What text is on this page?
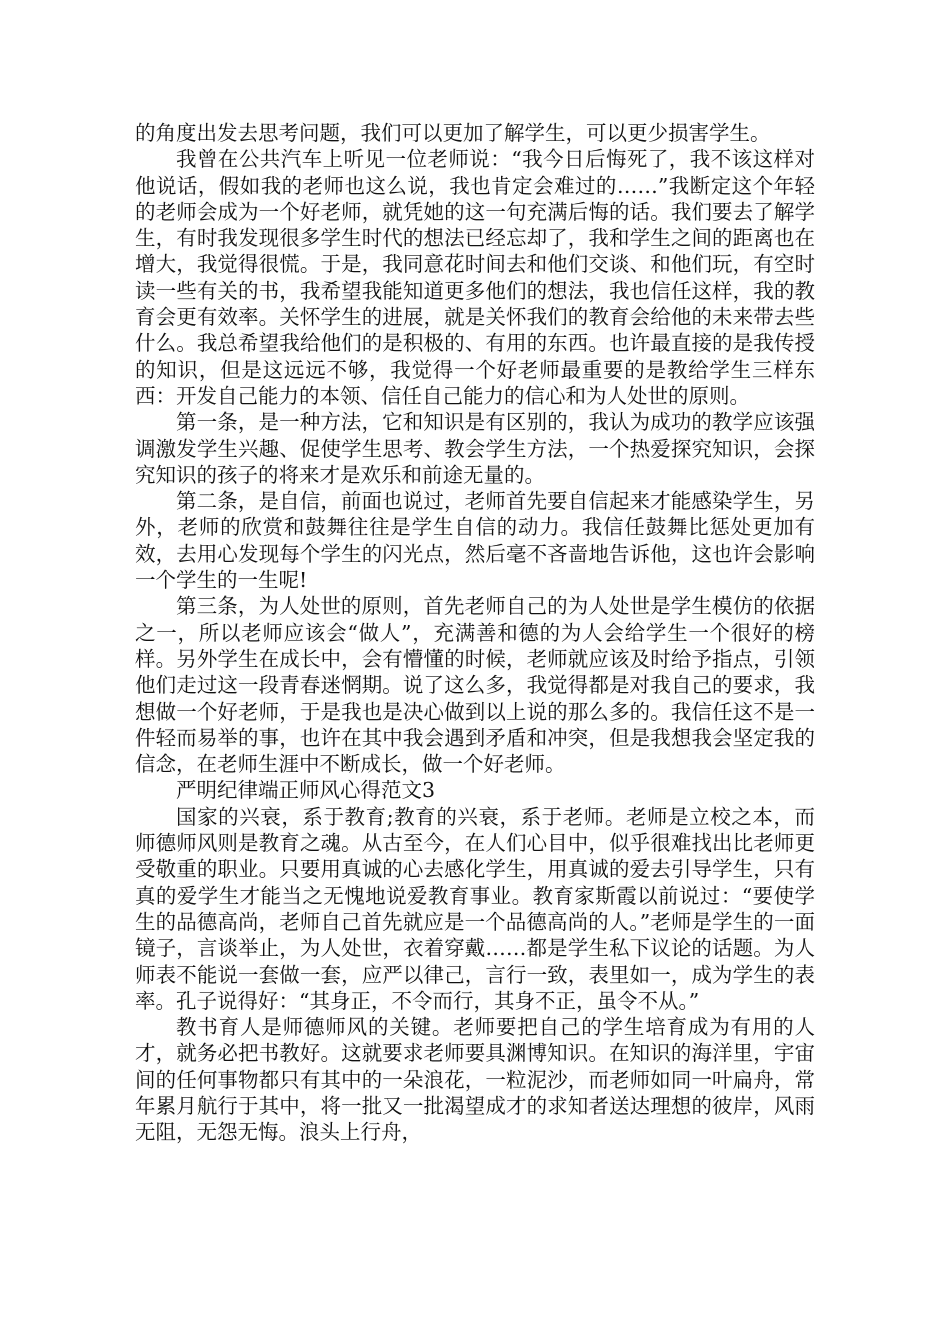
的角度出发去思考问题，我们可以更加了解学生，可以更少损害学生。

我曾在公共汽车上听见一位老师说：“我今日后悔死了，我不该这样对他说话，假如我的老师也这么说，我也肯定会难过的……”我断定这个年轻的老师会成为一个好老师，就凭她的这一句充满后悔的话。我们要去了解学生，有时我发现很多学生时代的想法已经忘却了，我和学生之间的距离也在增大，我觉得很慌。于是，我同意花时间去和他们交谈、和他们玩，有空时读一些有关的书，我希望我能知道更多他们的想法，我也信任这样，我的教育会更有效率。关怀学生的进展，就是关怀我们的教育会给他的未来带去些什么。我总希望我给他们的是积极的、有用的东西。也许最直接的是我传授的知识，但是这远远不够，我觉得一个好老师最重要的是教给学生三样东西：开发自己能力的本领、信任自己能力的信心和为人处世的原则。

第一条，是一种方法，它和知识是有区别的，我认为成功的教学应该强调激发学生兴趣、促使学生思考、教会学生方法，一个热爱探究知识，会探究知识的孩子的将来才是欢乐和前途无量的。

第二条，是自信，前面也说过，老师首先要自信起来才能感染学生，另外，老师的欣赏和鼓舞往往是学生自信的动力。我信任鼓舞比惩处更加有效，去用心发现每个学生的闪光点，然后毫不吝啬地告诉他，这也许会影响一个学生的一生呢!

第三条，为人处世的原则，首先老师自己的为人处世是学生模仿的依据之一，所以老师应该会“做人”，充满善和德的为人会给学生一个很好的榜样。另外学生在成长中，会有懵懂的时候，老师就应该及时给予指点，引领他们走过这一段青春迷惘期。说了这么多，我觉得都是对我自己的要求，我想做一个好老师，于是我也是决心做到以上说的那么多的。我信任这不是一件轻而易举的事，也许在其中我会遇到矛盾和冲突，但是我想我会坚定我的信念，在老师生涯中不断成长，做一个好老师。

严明纪律端正师风心得范文3

国家的兴衰，系于教育;教育的兴衰，系于老师。老师是立校之本，而师德师风则是教育之魂。从古至今，在人们心目中，似乎很难找出比老师更受敬重的职业。只要用真诚的心去感化学生，用真诚的爱去引导学生，只有真的爱学生才能当之无愧地说爱教育事业。教育家斯霞以前说过：“要使学生的品德高尚，老师自己首先就应是一个品德高尚的人。”老师是学生的一面镜子，言谈举止，为人处世，衣着穿戴……都是学生私下议论的话题。为人师表不能说一套做一套，应严以律己，言行一致，表里如一，成为学生的表率。孔子说得好：“其身正，不令而行，其身不正，虽令不从。”

教书育人是师德师风的关键。老师要把自己的学生培育成为有用的人才，就务必把书教好。这就要求老师要具渊博知识。在知识的海洋里，宇宙间的任何事物都只有其中的一朵浪花，一粒泥沙，而老师如同一叶扁舟，常年累月航行于其中，将一批又一批渴望成才的求知者送达理想的彼岸，风雨无阻，无怨无悔。浪头上行舟，
